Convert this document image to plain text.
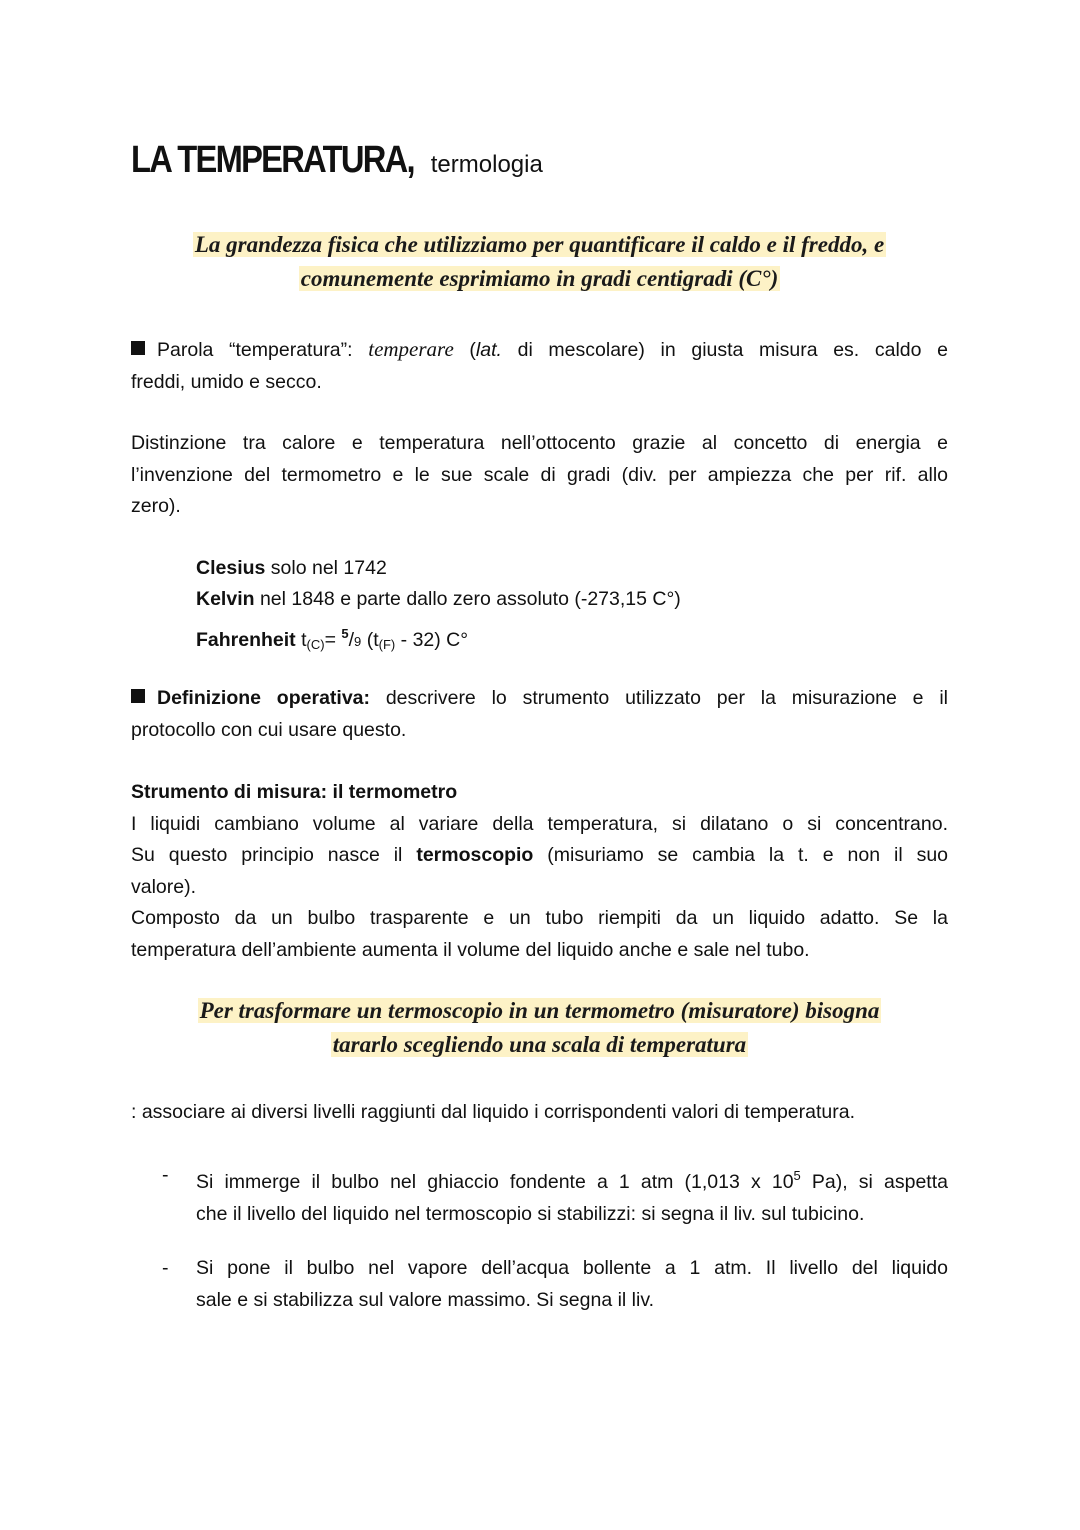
LA TEMPERATURA, termologia
La grandezza fisica che utilizziamo per quantificare il caldo e il freddo, e
comunemente esprimiamo in gradi centigradi (C°)
Parola “temperatura”: temperare (lat. di mescolare) in giusta misura es. caldo e
freddi, umido e secco.
Distinzione tra calore e temperatura nell’ottocento grazie al concetto di energia e
l’invenzione del termometro e le sue scale di gradi (div. per ampiezza che per rif. allo
zero).
Clesius solo nel 1742
Kelvin nel 1848 e parte dallo zero assoluto (-273,15 C°)
Fahrenheit $t_{(C)}= ^5/9$ $(t_{(F)} - 32)$ C°
Definizione operativa: descrivere lo strumento utilizzato per la misurazione e il
protocollo con cui usare questo.
Strumento di misura: il termometro

I liquidi cambiano volume al variare della temperatura, si dilatano o si concentrano.
Su questo principio nasce il termoscopio (misuriamo se cambia la t. e non il suo
valore).

Composto da un bulbo trasparente e un tubo riempiti da un liquido adatto. Se la
temperatura dell’ambiente aumenta il volume del liquido anche e sale nel tubo.
Per trasformare un termoscopio in un termometro (misuratore) bisogna
tararlo scegliendo una scala di temperatura
: associare ai diversi livelli raggiunti dal liquido i corrispondenti valori di temperatura.
- Si immerge il bulbo nel ghiaccio fondente a 1 atm (1,013 x $10^5$ Pa), si aspetta
che il livello del liquido nel termoscopio si stabilizzi: si segna il liv. sul tubicino.
- Si pone il bulbo nel vapore dell’acqua bollente a 1 atm. Il livello del liquido
sale e si stabilizza sul valore massimo. Si segna il liv.
